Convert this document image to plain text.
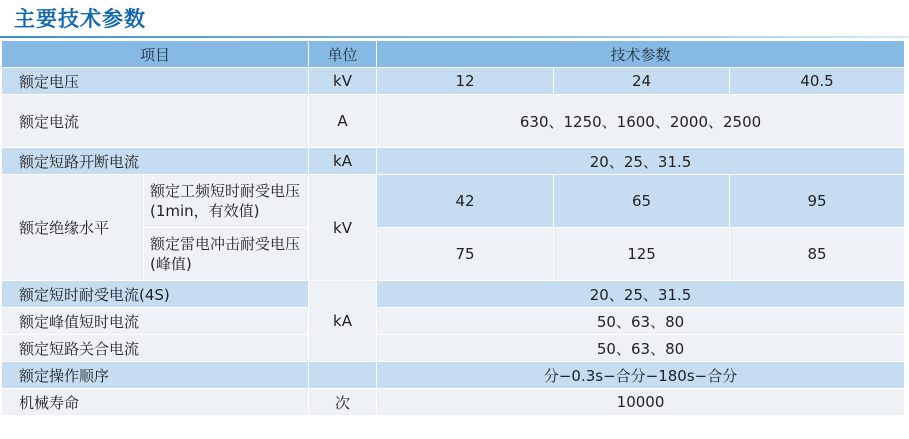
主要技术参数
项目		单位	技术参数		
额定电压		kV	12	24	40.5
额定电流		A	630、1250、1600、2000、2500		
额定短路开断电流		kA	20、25、31.5		
额定绝缘水平	额定工频短时耐受电压(1min，有效值)	kV	42	65	95
	额定雷电冲击耐受电压(峰值)		75	125	85
额定短时耐受电流(4S)		kA	20、25、31.5		
额定峰值短时电流			50、63、80		
额定短路关合电流			50、63、80		
额定操作顺序			分−0.3s−合分−180s−合分		
机械寿命		次	10000		
